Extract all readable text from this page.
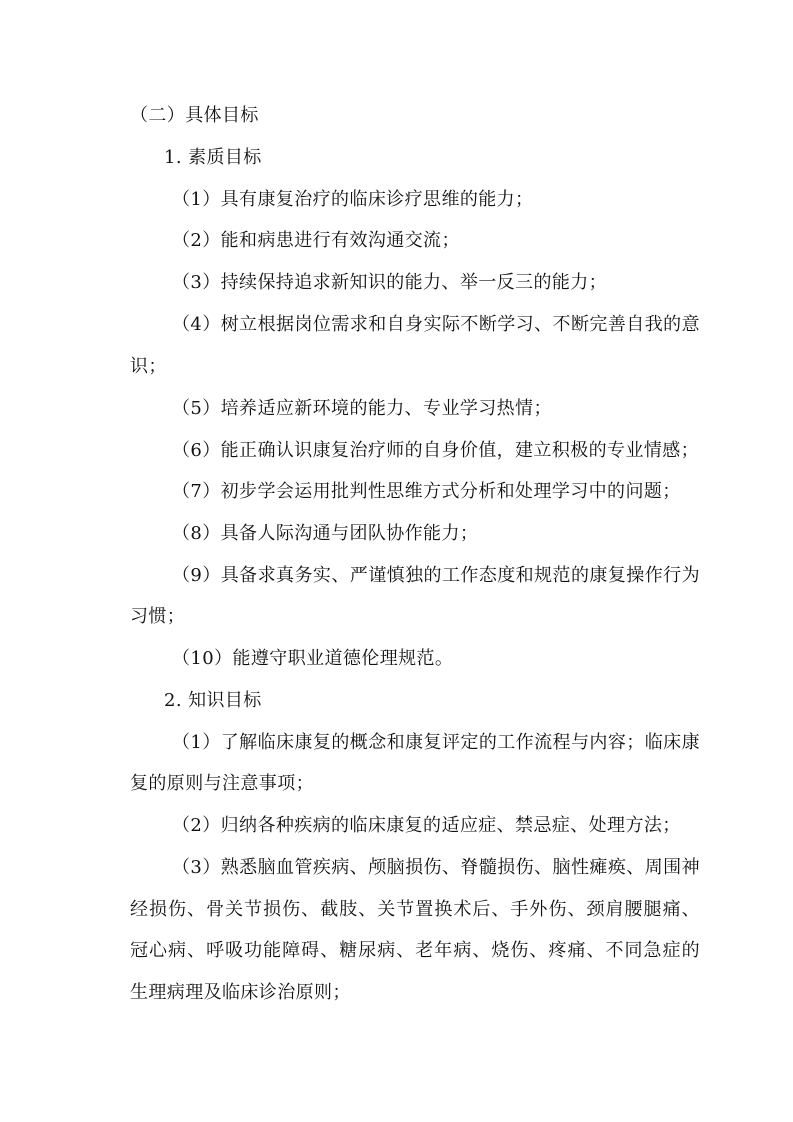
（二）具体目标
1. 素质目标
（1）具有康复治疗的临床诊疗思维的能力；
（2）能和病患进行有效沟通交流；
（3）持续保持追求新知识的能力、举一反三的能力；
（4）树立根据岗位需求和自身实际不断学习、不断完善自我的意
识；
（5）培养适应新环境的能力、专业学习热情；
（6）能正确认识康复治疗师的自身价值，建立积极的专业情感；
（7）初步学会运用批判性思维方式分析和处理学习中的问题；
（8）具备人际沟通与团队协作能力；
（9）具备求真务实、严谨慎独的工作态度和规范的康复操作行为
习惯；
（10）能遵守职业道德伦理规范。
2. 知识目标
（1）了解临床康复的概念和康复评定的工作流程与内容；临床康
复的原则与注意事项；
（2）归纳各种疾病的临床康复的适应症、禁忌症、处理方法；
（3）熟悉脑血管疾病、颅脑损伤、脊髓损伤、脑性瘫痪、周围神
经损伤、骨关节损伤、截肢、关节置换术后、手外伤、颈肩腰腿痛、
冠心病、呼吸功能障碍、糖尿病、老年病、烧伤、疼痛、不同急症的
生理病理及临床诊治原则；
